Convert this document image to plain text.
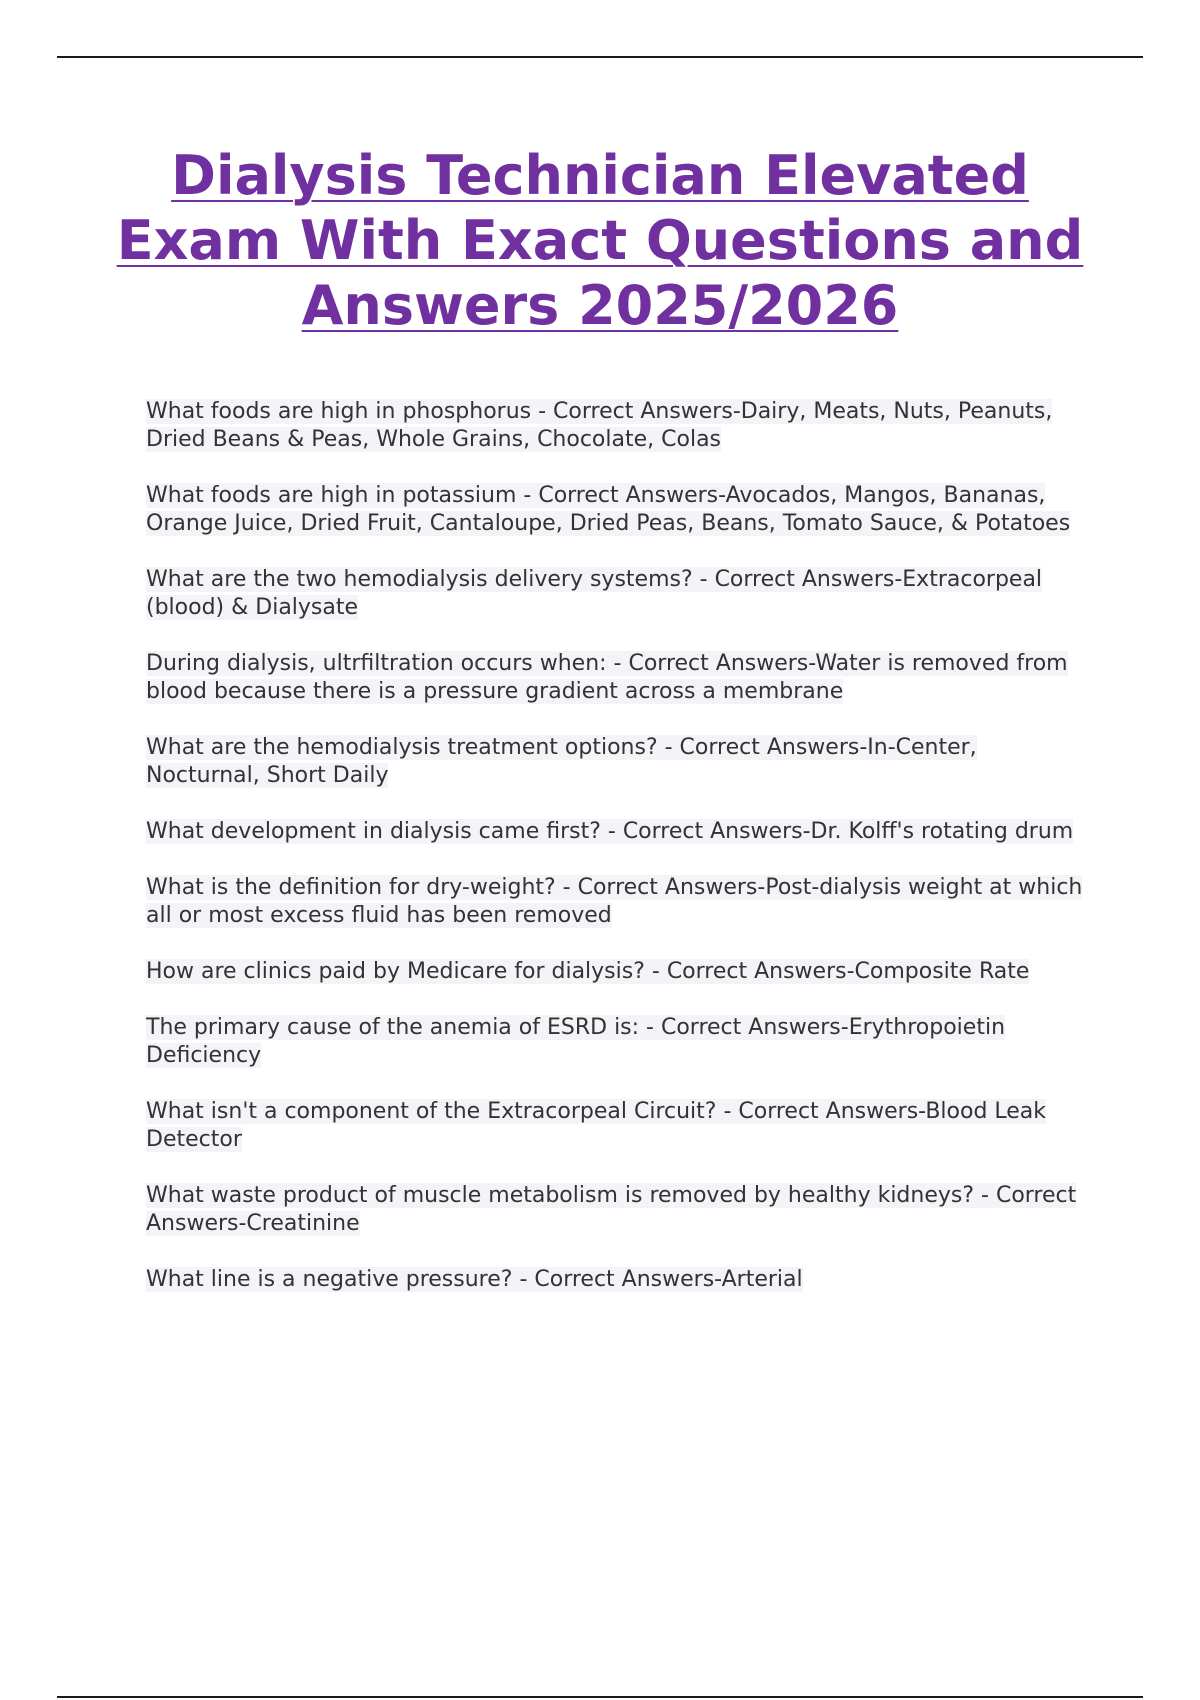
Dialysis Technician Elevated Exam With Exact Questions and Answers 2025/2026
What foods are high in phosphorus - Correct Answers-Dairy, Meats, Nuts, Peanuts, Dried Beans & Peas, Whole Grains, Chocolate, Colas
What foods are high in potassium - Correct Answers-Avocados, Mangos, Bananas, Orange Juice, Dried Fruit, Cantaloupe, Dried Peas, Beans, Tomato Sauce, & Potatoes
What are the two hemodialysis delivery systems? - Correct Answers-Extracorpeal (blood) & Dialysate
During dialysis, ultrfiltration occurs when: - Correct Answers-Water is removed from blood because there is a pressure gradient across a membrane
What are the hemodialysis treatment options? - Correct Answers-In-Center, Nocturnal, Short Daily
What development in dialysis came first? - Correct Answers-Dr. Kolff's rotating drum
What is the definition for dry-weight? - Correct Answers-Post-dialysis weight at which all or most excess fluid has been removed
How are clinics paid by Medicare for dialysis? - Correct Answers-Composite Rate
The primary cause of the anemia of ESRD is: - Correct Answers-Erythropoietin Deficiency
What isn't a component of the Extracorpeal Circuit? - Correct Answers-Blood Leak Detector
What waste product of muscle metabolism is removed by healthy kidneys? - Correct Answers-Creatinine
What line is a negative pressure? - Correct Answers-Arterial
